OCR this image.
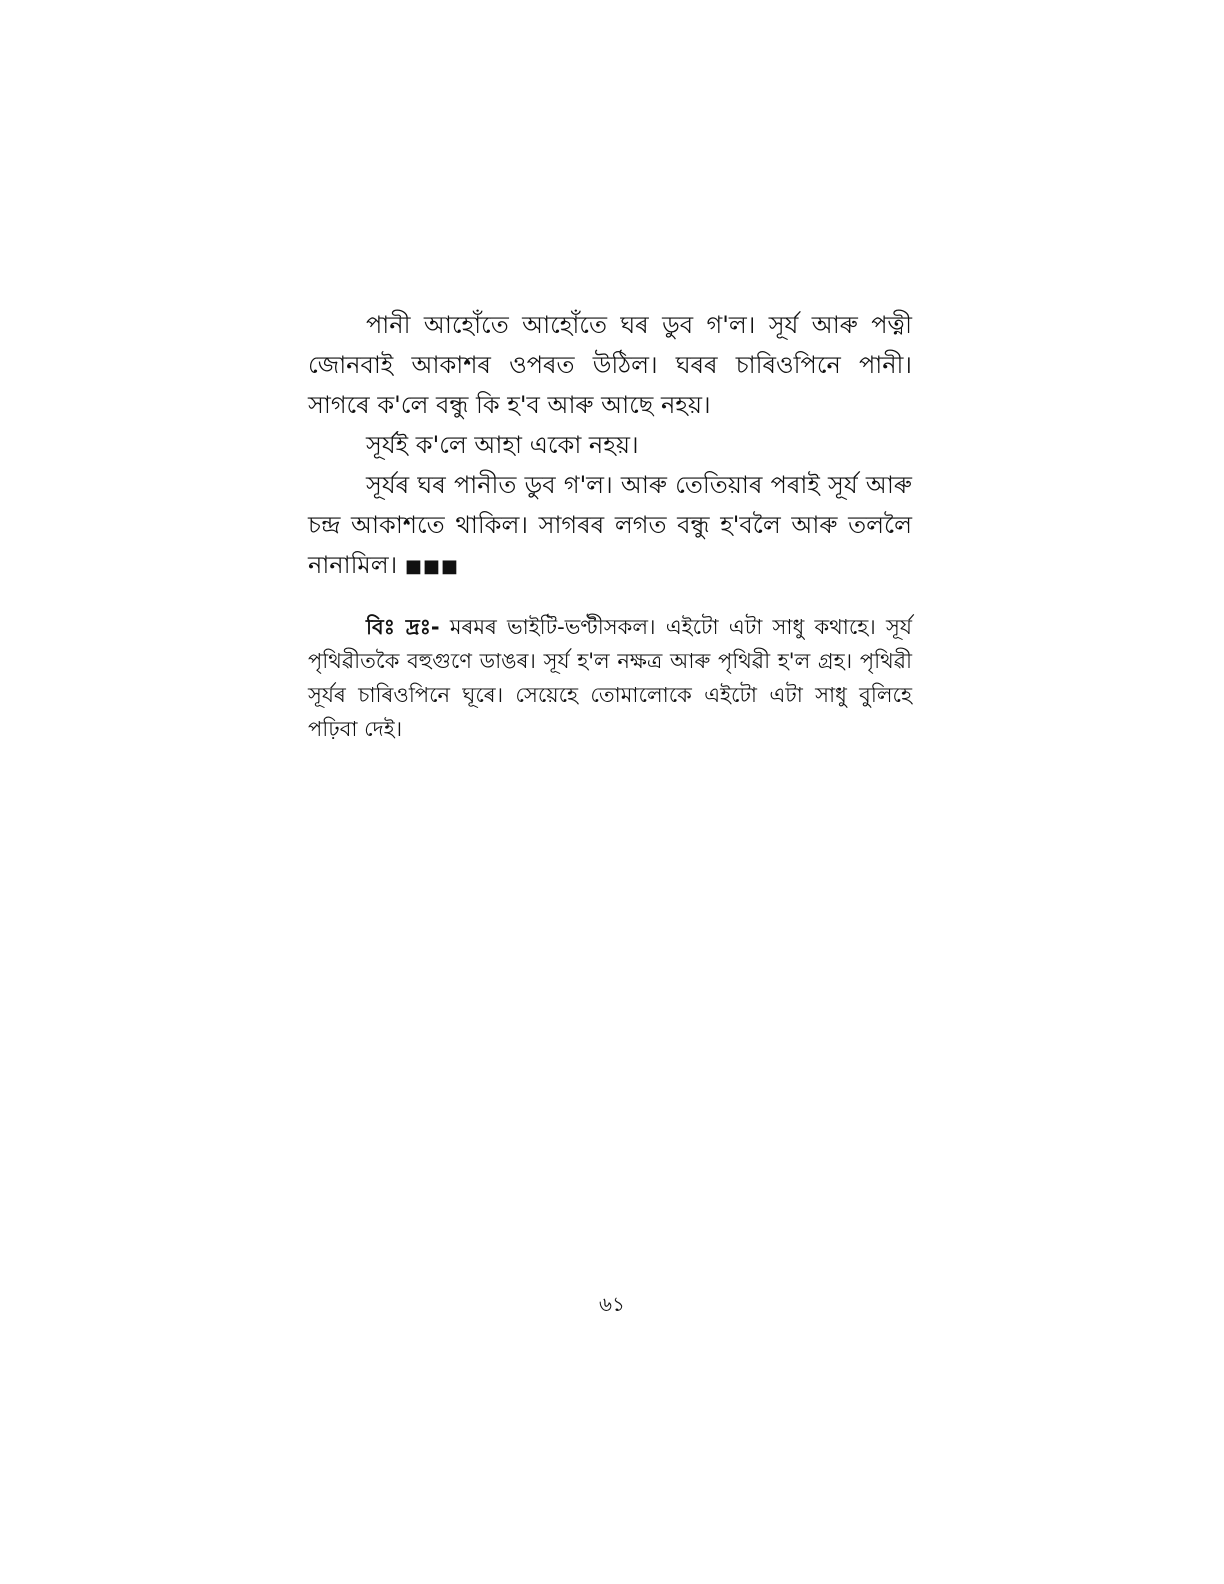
পানী আহোঁতে আহোঁতে ঘৰ ডুব গ'ল। সূৰ্য আৰু পত্নী জোনবাই আকাশৰ ওপৰত উঠিল। ঘৰৰ চাৰিওপিনে পানী। সাগৰে ক'লে বন্ধু কি হ'ব আৰু আছে নহয়।

সূৰ্যই ক'লে আহা একো নহয়।

সূৰ্যৰ ঘৰ পানীত ডুব গ'ল। আৰু তেতিয়াৰ পৰাই সূৰ্য আৰু চন্দ্ৰ আকাশতে থাকিল। সাগৰৰ লগত বন্ধু হ'বলৈ আৰু তললৈ নানামিল। ■■■

বিঃ দ্ৰঃ- মৰমৰ ভাইটি-ভণ্টীসকল। এইটো এটা সাধু কথাহে। সূৰ্য পৃথিৱীতকৈ বহুগুণে ডাঙৰ। সূৰ্য হ'ল নক্ষত্ৰ আৰু পৃথিৱী হ'ল গ্ৰহ। পৃথিৱী সূৰ্যৰ চাৰিওপিনে ঘূৰে। সেয়েহে তোমালোকে এইটো এটা সাধু বুলিহে পঢ়িবা দেই।

৬১
